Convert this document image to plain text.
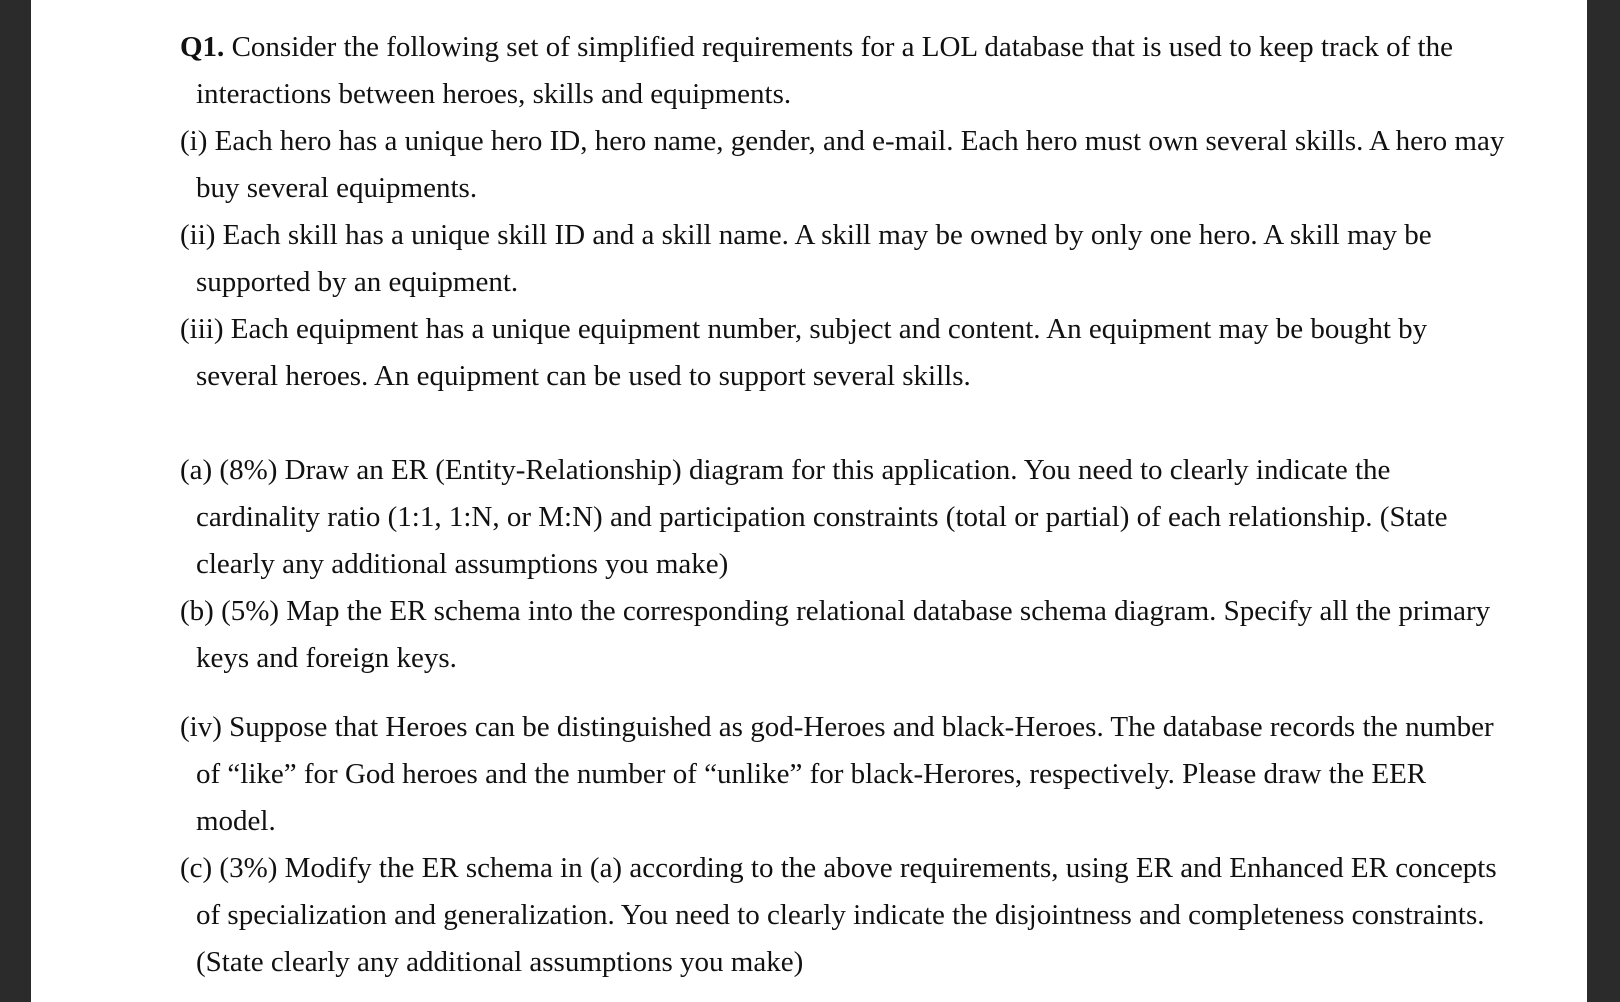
Q1. Consider the following set of simplified requirements for a LOL database that is used to keep track of the interactions between heroes, skills and equipments.

(i) Each hero has a unique hero ID, hero name, gender, and e-mail. Each hero must own several skills. A hero may buy several equipments.

(ii) Each skill has a unique skill ID and a skill name. A skill may be owned by only one hero. A skill may be supported by an equipment.

(iii) Each equipment has a unique equipment number, subject and content. An equipment may be bought by several heroes. An equipment can be used to support several skills.

(a) (8%) Draw an ER (Entity-Relationship) diagram for this application. You need to clearly indicate the cardinality ratio (1:1, 1:N, or M:N) and participation constraints (total or partial) of each relationship. (State clearly any additional assumptions you make)

(b) (5%) Map the ER schema into the corresponding relational database schema diagram. Specify all the primary keys and foreign keys.

(iv) Suppose that Heroes can be distinguished as god-Heroes and black-Heroes. The database records the number of “like” for God heroes and the number of “unlike” for black-Herores, respectively. Please draw the EER model.

(c) (3%) Modify the ER schema in (a) according to the above requirements, using ER and Enhanced ER concepts of specialization and generalization. You need to clearly indicate the disjointness and completeness constraints. (State clearly any additional assumptions you make)
